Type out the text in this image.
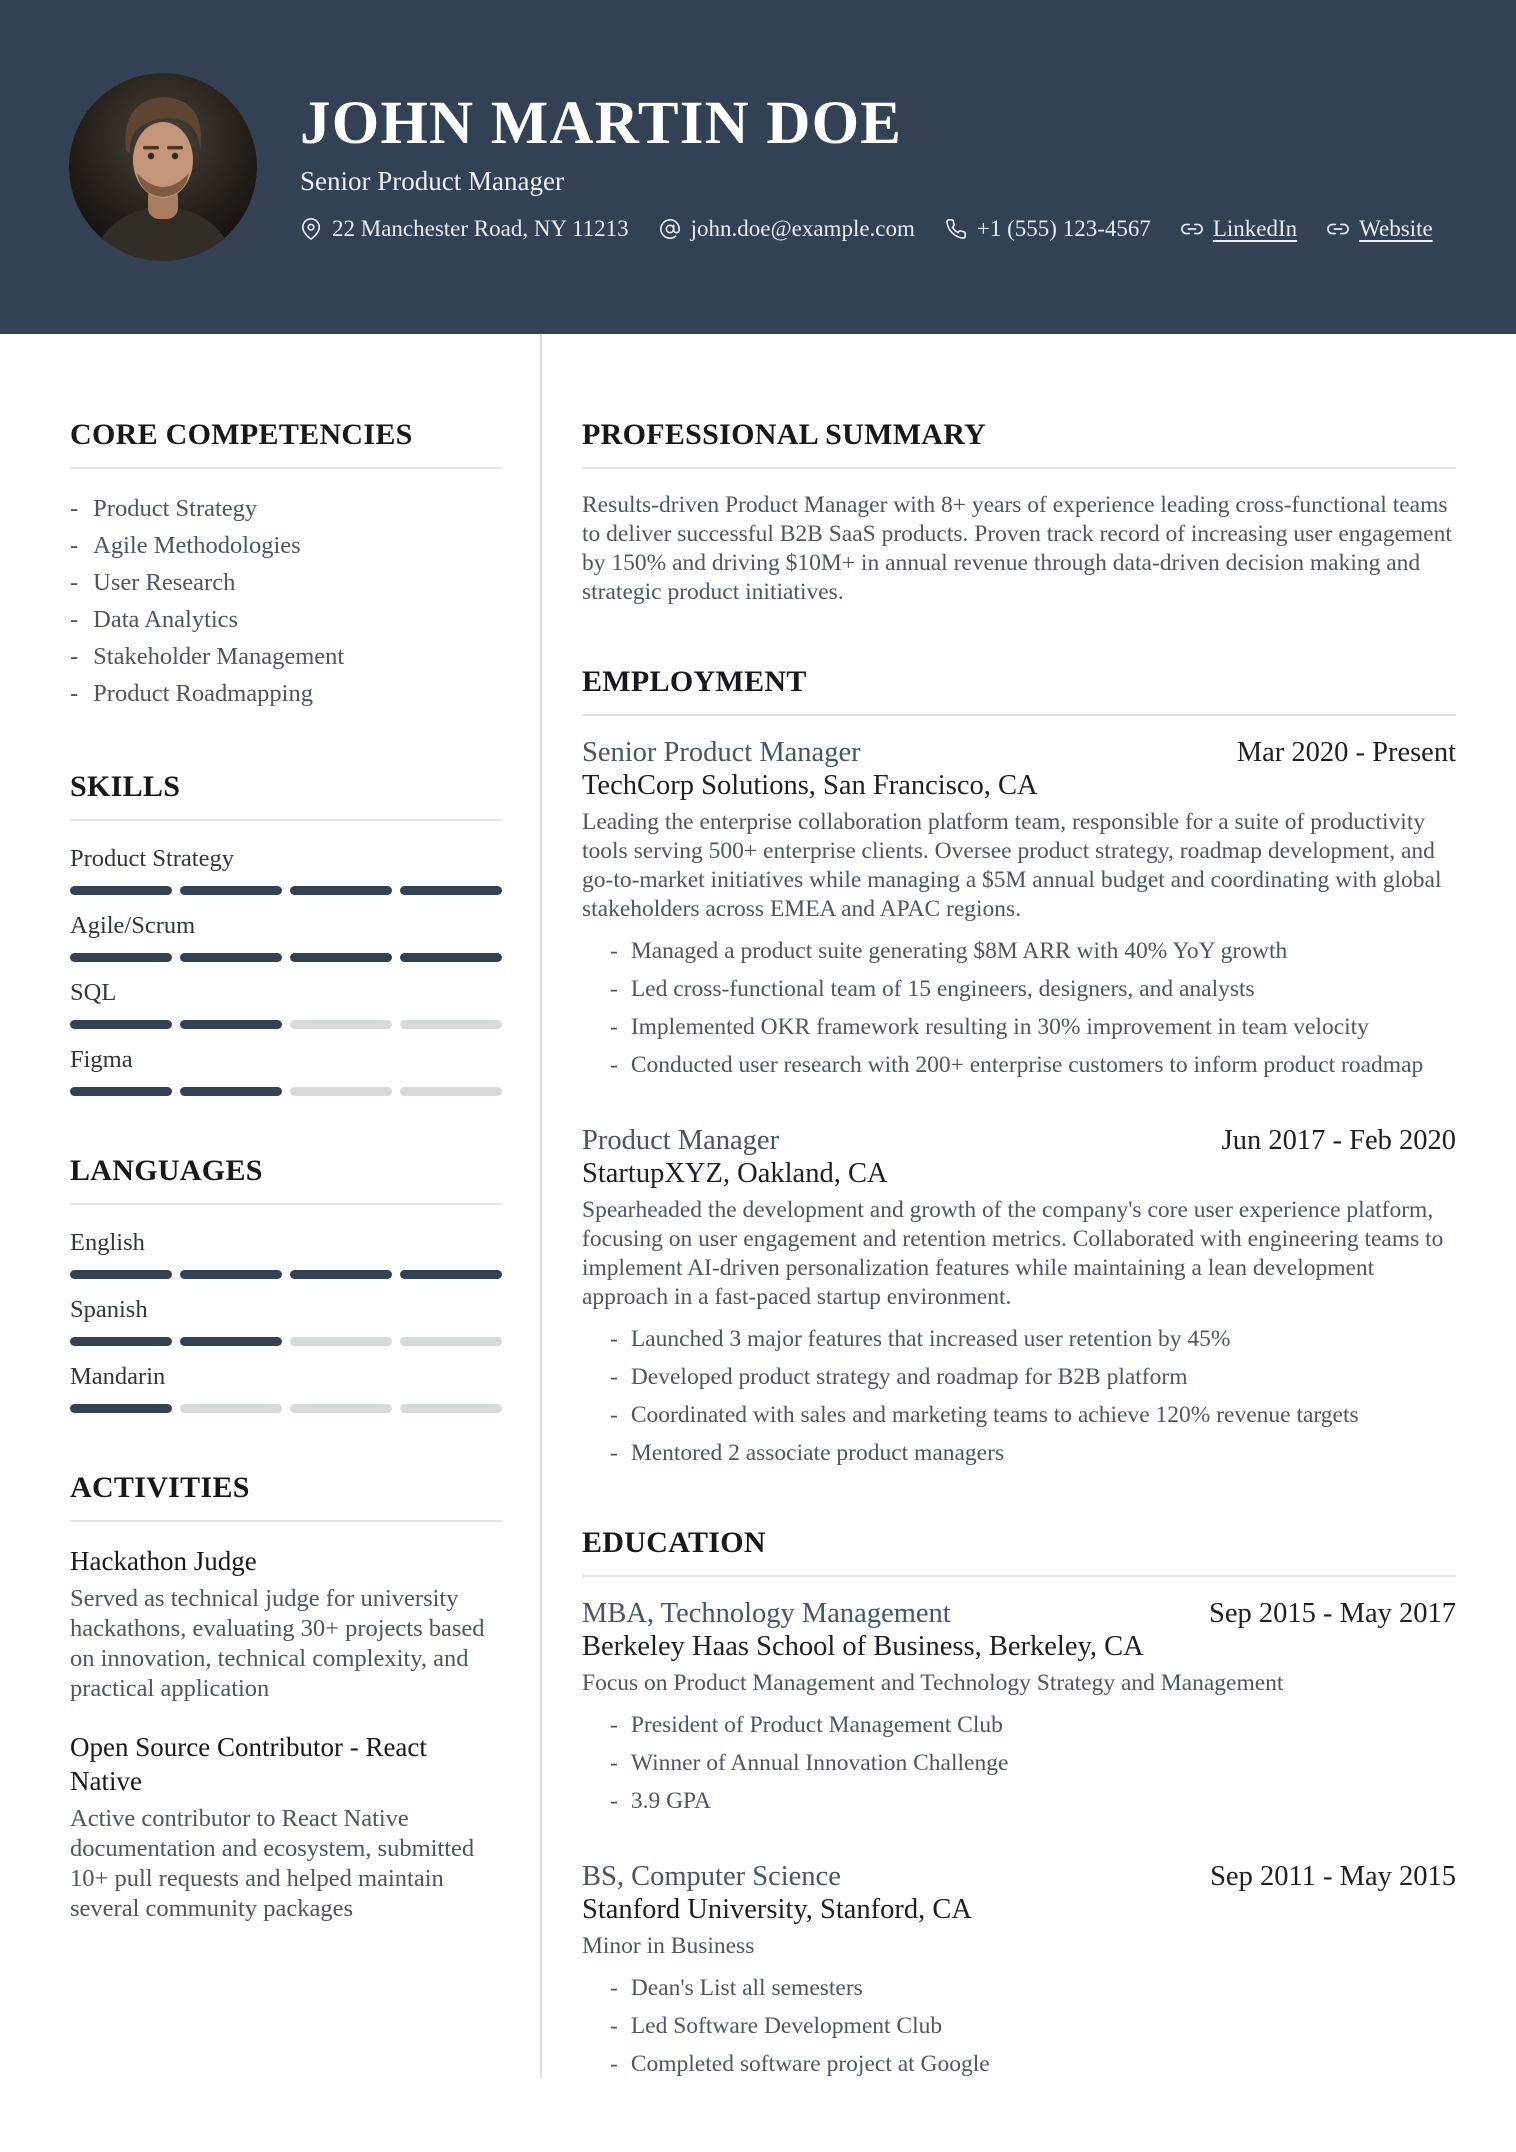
JOHN MARTIN DOE
Senior Product Manager
22 Manchester Road, NY 11213	john.doe@example.com	+1 (555) 123-4567	LinkedIn	Website
CORE COMPETENCIES
- Product Strategy
- Agile Methodologies
- User Research
- Data Analytics
- Stakeholder Management
- Product Roadmapping
SKILLS
Product Strategy
Agile/Scrum
SQL
Figma
LANGUAGES
English
Spanish
Mandarin
ACTIVITIES
Hackathon Judge
Served as technical judge for university hackathons, evaluating 30+ projects based on innovation, technical complexity, and practical application
Open Source Contributor - React Native
Active contributor to React Native documentation and ecosystem, submitted 10+ pull requests and helped maintain several community packages
PROFESSIONAL SUMMARY

Results-driven Product Manager with 8+ years of experience leading cross-functional teams to deliver successful B2B SaaS products. Proven track record of increasing user engagement by 150% and driving $10M+ in annual revenue through data-driven decision making and strategic product initiatives.

EMPLOYMENT
Senior Product Manager	Mar 2020 - Present
TechCorp Solutions, San Francisco, CA
Leading the enterprise collaboration platform team, responsible for a suite of productivity tools serving 500+ enterprise clients. Oversee product strategy, roadmap development, and go-to-market initiatives while managing a $5M annual budget and coordinating with global stakeholders across EMEA and APAC regions.
- Managed a product suite generating $8M ARR with 40% YoY growth
- Led cross-functional team of 15 engineers, designers, and analysts
- Implemented OKR framework resulting in 30% improvement in team velocity
- Conducted user research with 200+ enterprise customers to inform product roadmap
Product Manager	Jun 2017 - Feb 2020
StartupXYZ, Oakland, CA
Spearheaded the development and growth of the company's core user experience platform, focusing on user engagement and retention metrics. Collaborated with engineering teams to implement AI-driven personalization features while maintaining a lean development approach in a fast-paced startup environment.
- Launched 3 major features that increased user retention by 45%
- Developed product strategy and roadmap for B2B platform
- Coordinated with sales and marketing teams to achieve 120% revenue targets
- Mentored 2 associate product managers
EDUCATION
MBA, Technology Management	Sep 2015 - May 2017
Berkeley Haas School of Business, Berkeley, CA
Focus on Product Management and Technology Strategy and Management
- President of Product Management Club
- Winner of Annual Innovation Challenge
- 3.9 GPA
BS, Computer Science	Sep 2011 - May 2015
Stanford University, Stanford, CA
Minor in Business
- Dean's List all semesters
- Led Software Development Club
- Completed software project at Google
